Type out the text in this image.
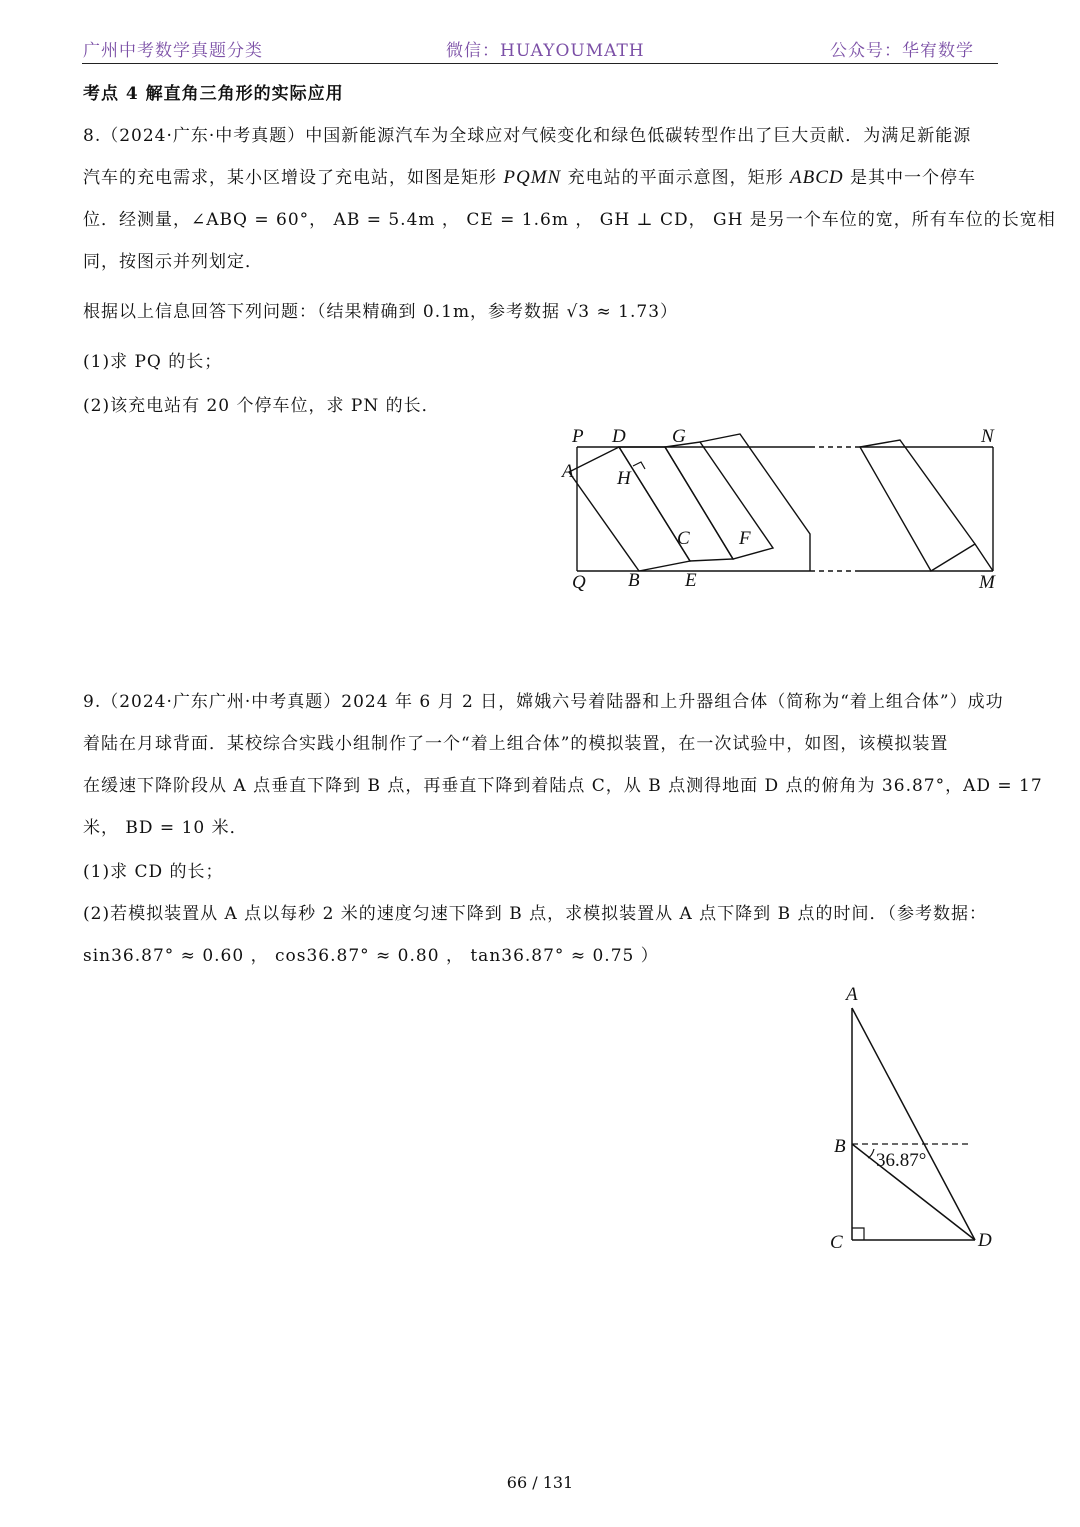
广州中考数学真题分类	微信：HUAYOUMATH	公众号：华宥数学
考点 4 解直角三角形的实际应用
8.（2024·广东·中考真题）中国新能源汽车为全球应对气候变化和绿色低碳转型作出了巨大贡献．为满足新能源
汽车的充电需求，某小区增设了充电站，如图是矩形 PQMN 充电站的平面示意图，矩形 ABCD 是其中一个停车
位．经测量，∠ABQ = 60°， AB = 5.4m ， CE = 1.6m ， GH ⊥ CD， GH 是另一个车位的宽，所有车位的长宽相
同，按图示并列划定．
根据以上信息回答下列问题：（结果精确到 0.1m，参考数据 √3 ≈ 1.73）
(1)求 PQ 的长；
(2)该充电站有 20 个停车位，求 PN 的长．
P D G	N
A H
C	F
Q B E	M
9.（2024·广东广州·中考真题）2024 年 6 月 2 日，嫦娥六号着陆器和上升器组合体（简称为“着上组合体”）成功
着陆在月球背面．某校综合实践小组制作了一个“着上组合体”的模拟装置，在一次试验中，如图，该模拟装置
在缓速下降阶段从 A 点垂直下降到 B 点，再垂直下降到着陆点 C，从 B 点测得地面 D 点的俯角为 36.87°，AD = 17
米， BD = 10 米．
(1)求 CD 的长；
(2)若模拟装置从 A 点以每秒 2 米的速度匀速下降到 B 点，求模拟装置从 A 点下降到 B 点的时间．（参考数据：
sin36.87° ≈ 0.60 ， cos36.87° ≈ 0.80 ， tan36.87° ≈ 0.75 ）
A
B
C	D
36.87°
66 / 131
